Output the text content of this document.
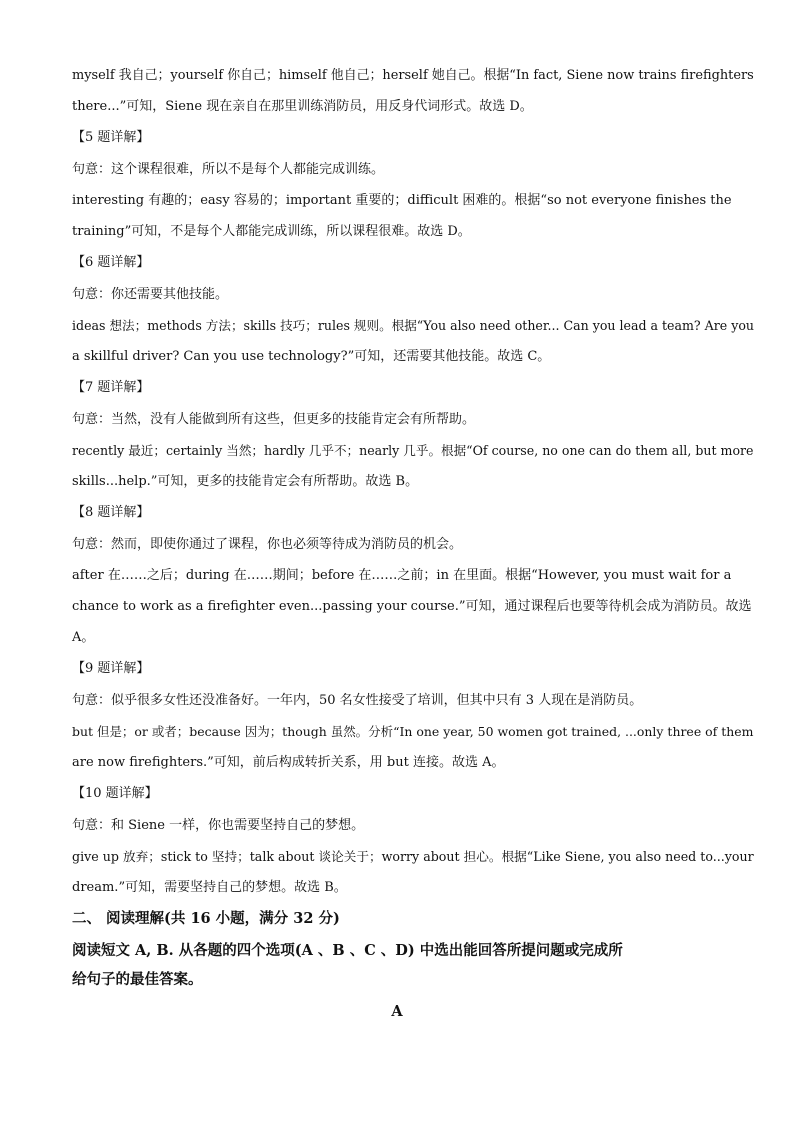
myself 我自己；yourself 你自己；himself 他自己；herself 她自己。根据“In fact, Siene now trains firefighters
there...”可知，Siene 现在亲自在那里训练消防员，用反身代词形式。故选 D。
【5 题详解】
句意：这个课程很难，所以不是每个人都能完成训练。
interesting 有趣的；easy 容易的；important 重要的；difficult 困难的。根据“so not everyone finishes the
training”可知，不是每个人都能完成训练，所以课程很难。故选 D。
【6 题详解】
句意：你还需要其他技能。
ideas 想法；methods 方法；skills 技巧；rules 规则。根据“You also need other... Can you lead a team? Are you
a skillful driver? Can you use technology?”可知，还需要其他技能。故选 C。
【7 题详解】
句意：当然，没有人能做到所有这些，但更多的技能肯定会有所帮助。
recently 最近；certainly 当然；hardly 几乎不；nearly 几乎。根据“Of course, no one can do them all, but more
skills...help.”可知，更多的技能肯定会有所帮助。故选 B。
【8 题详解】
句意：然而，即使你通过了课程，你也必须等待成为消防员的机会。
after 在……之后；during 在……期间；before 在……之前；in 在里面。根据“However, you must wait for a
chance to work as a firefighter even...passing your course.”可知，通过课程后也要等待机会成为消防员。故选
A。
【9 题详解】
句意：似乎很多女性还没准备好。一年内，50 名女性接受了培训，但其中只有 3 人现在是消防员。
but 但是；or 或者；because 因为；though 虽然。分析“In one year, 50 women got trained, ...only three of them
are now firefighters.”可知，前后构成转折关系，用 but 连接。故选 A。
【10 题详解】
句意：和 Siene 一样，你也需要坚持自己的梦想。
give up 放弃；stick to 坚持；talk about 谈论关于；worry about 担心。根据“Like Siene, you also need to...your
dream.”可知，需要坚持自己的梦想。故选 B。
二、 阅读理解(共 16 小题，满分 32 分)
阅读短文 A, B. 从各题的四个选项(A 、B 、C 、D) 中选出能回答所提问题或完成所
给句子的最佳答案。
A
